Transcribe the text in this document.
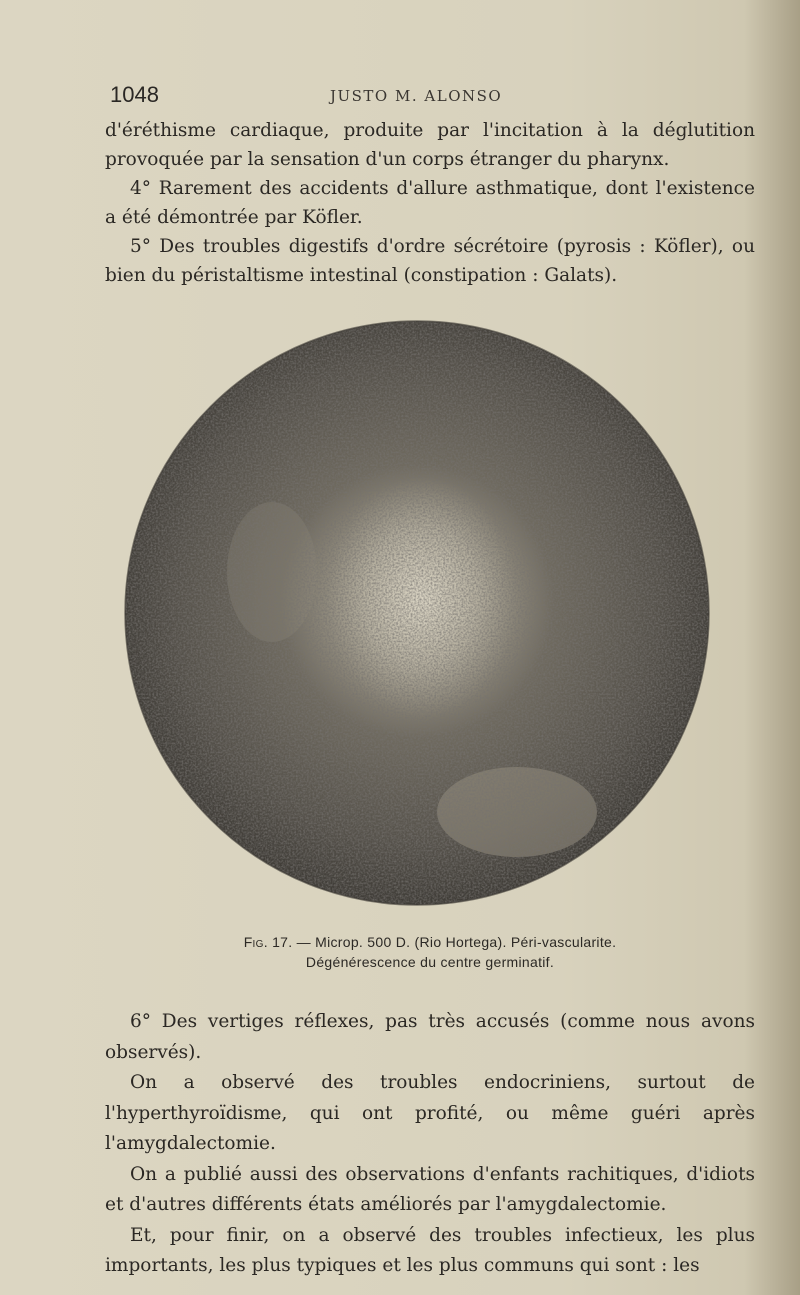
1048	JUSTO M. ALONSO

d'éréthisme cardiaque, produite par l'incitation à la déglutition provoquée par la sensation d'un corps étranger du pharynx.

4° Rarement des accidents d'allure asthmatique, dont l'existence a été démontrée par Köfler.

5° Des troubles digestifs d'ordre sécrétoire (pyrosis : Köfler), ou bien du péristaltisme intestinal (constipation : Galats).

Fig. 17. — Microp. 500 D. (Rio Hortega). Péri-vascularite.
Dégénérescence du centre germinatif.

6° Des vertiges réflexes, pas très accusés (comme nous avons observés).

On a observé des troubles endocriniens, surtout de l'hyperthyroïdisme, qui ont profité, ou même guéri après l'amygdalectomie.

On a publié aussi des observations d'enfants rachitiques, d'idiots et d'autres différents états améliorés par l'amygdalectomie.

Et, pour finir, on a observé des troubles infectieux, les plus importants, les plus typiques et les plus communs qui sont : les
